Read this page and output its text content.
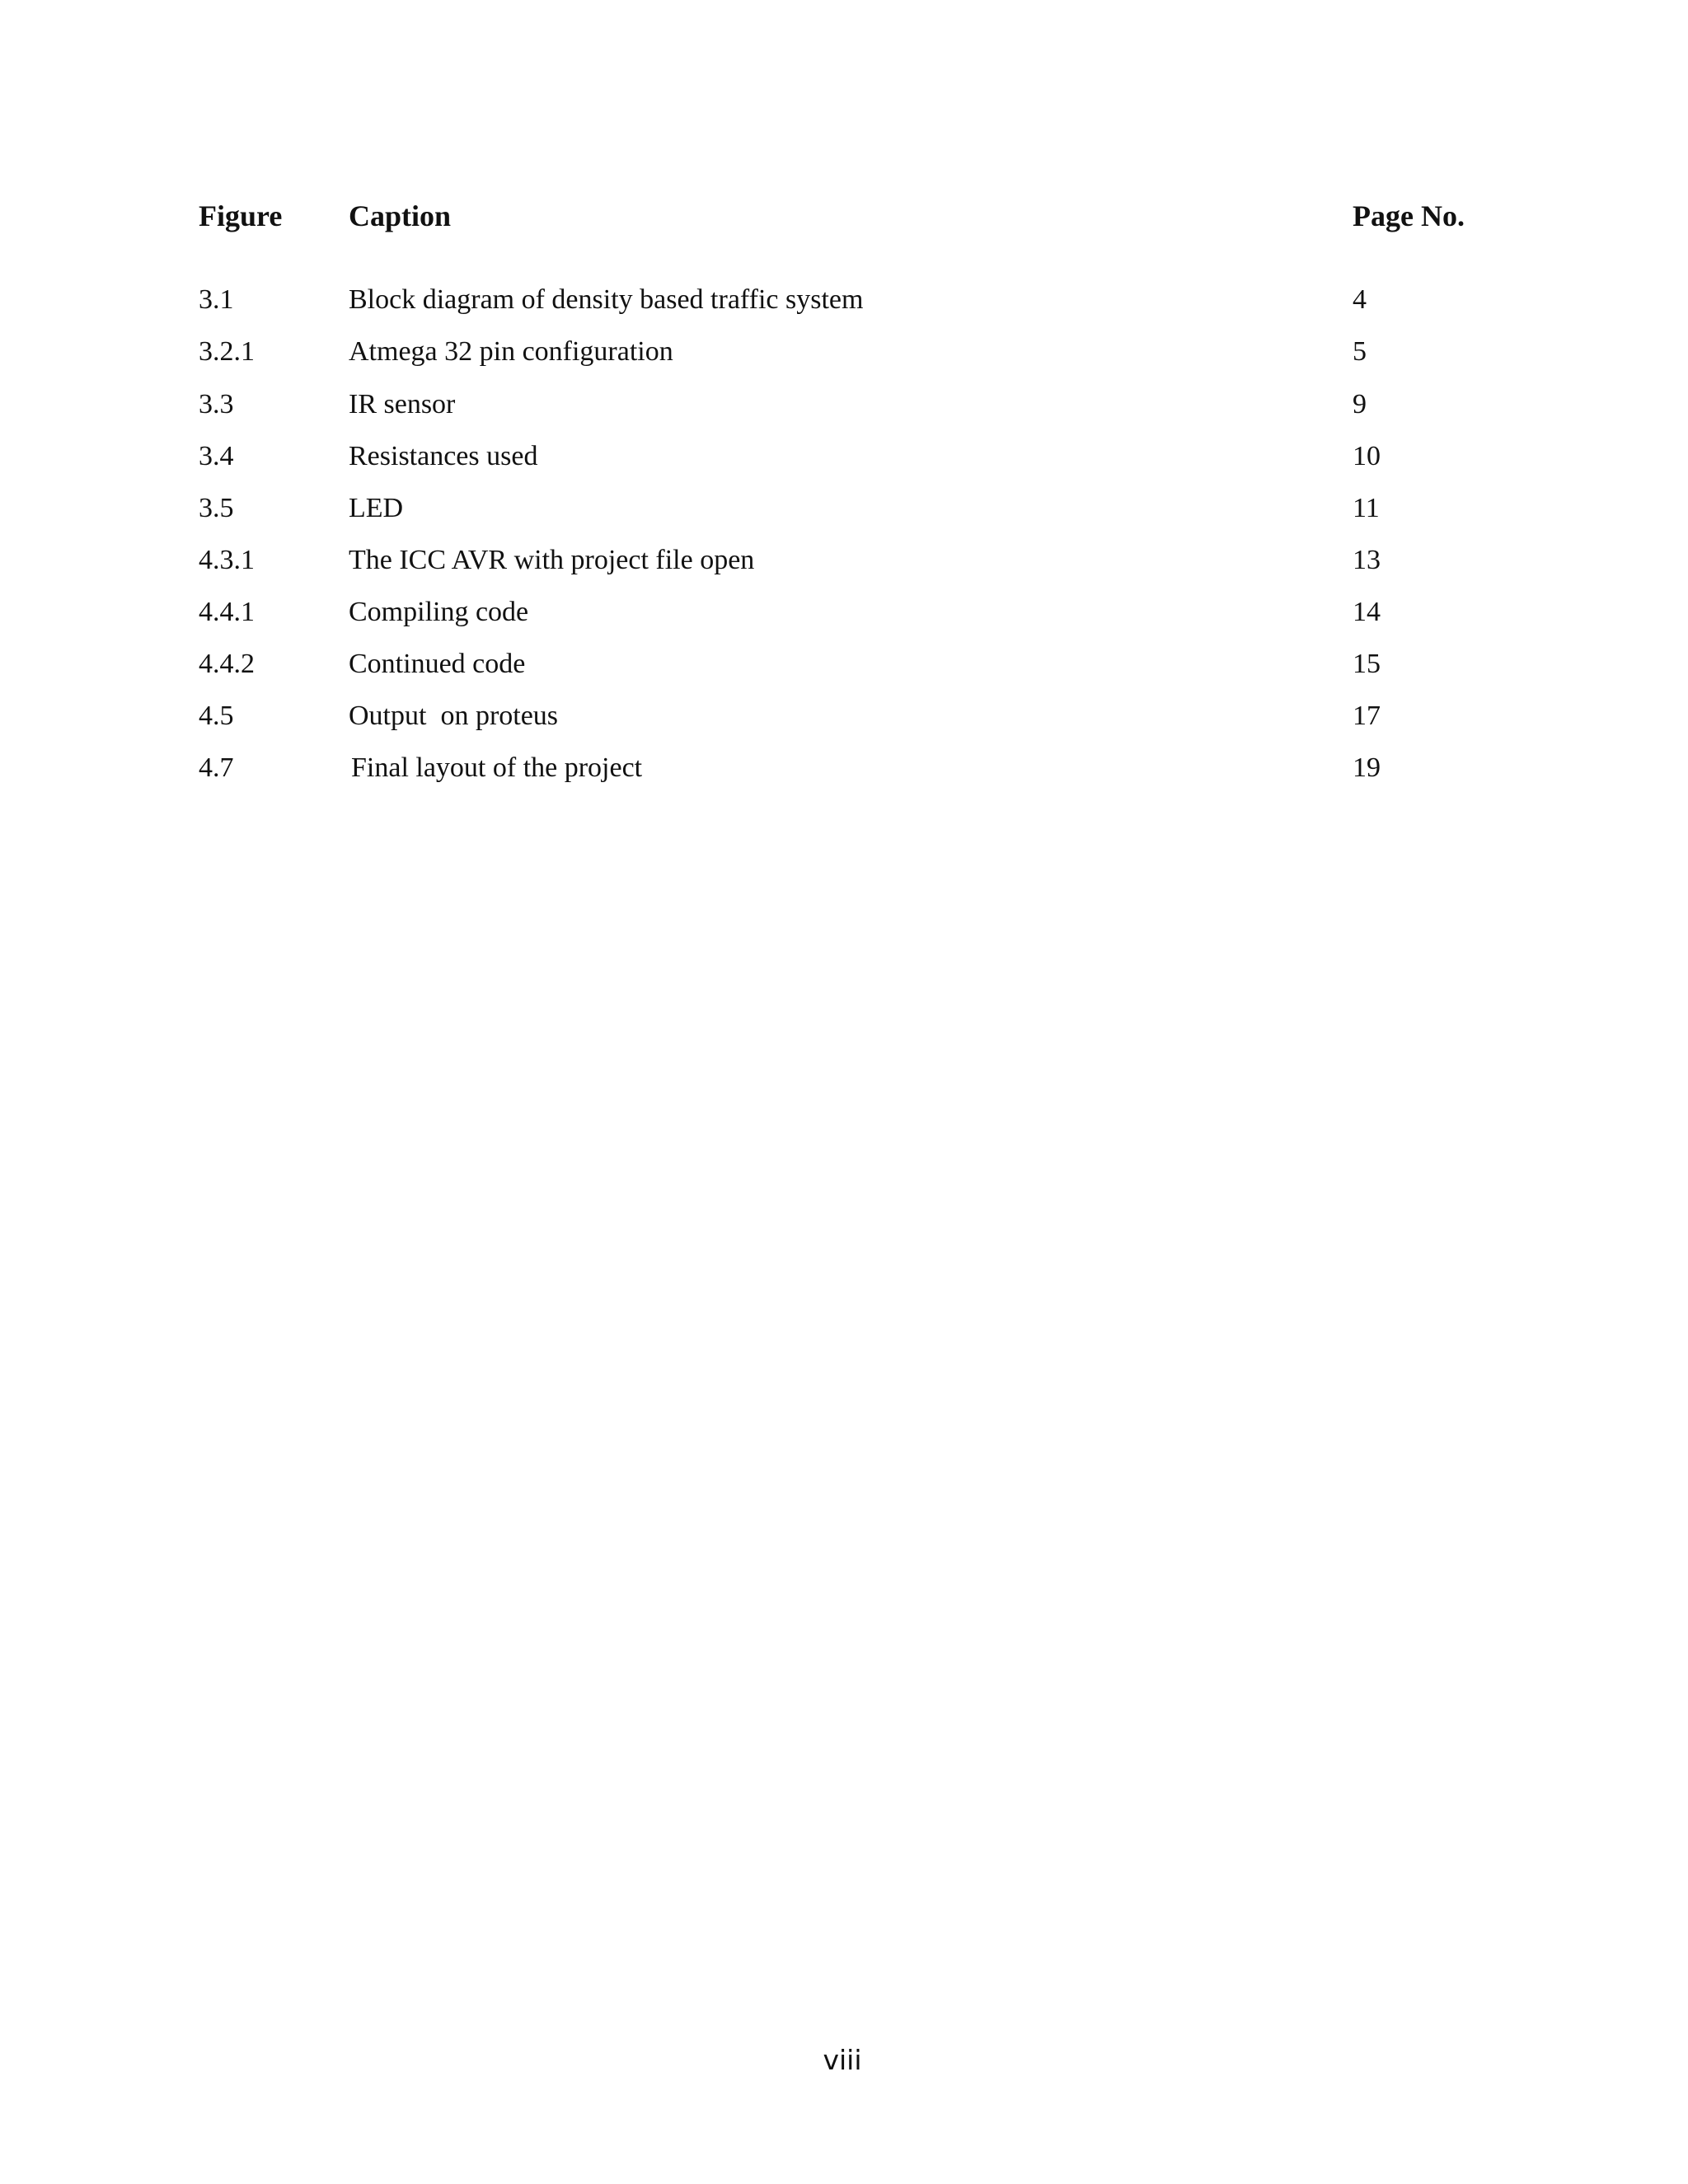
Figure Caption	Page No.
3.1	Block diagram of density based traffic system	4
3.2.1	Atmega 32 pin configuration	5
3.3	IR sensor	9
3.4	Resistances used	10
3.5	LED	11
4.3.1	The ICC AVR with project file open	13
4.4.1	Compiling code	14
4.4.2	Continued code	15
4.5	Output  on proteus	17
4.7	Final layout of the project	19
viii
